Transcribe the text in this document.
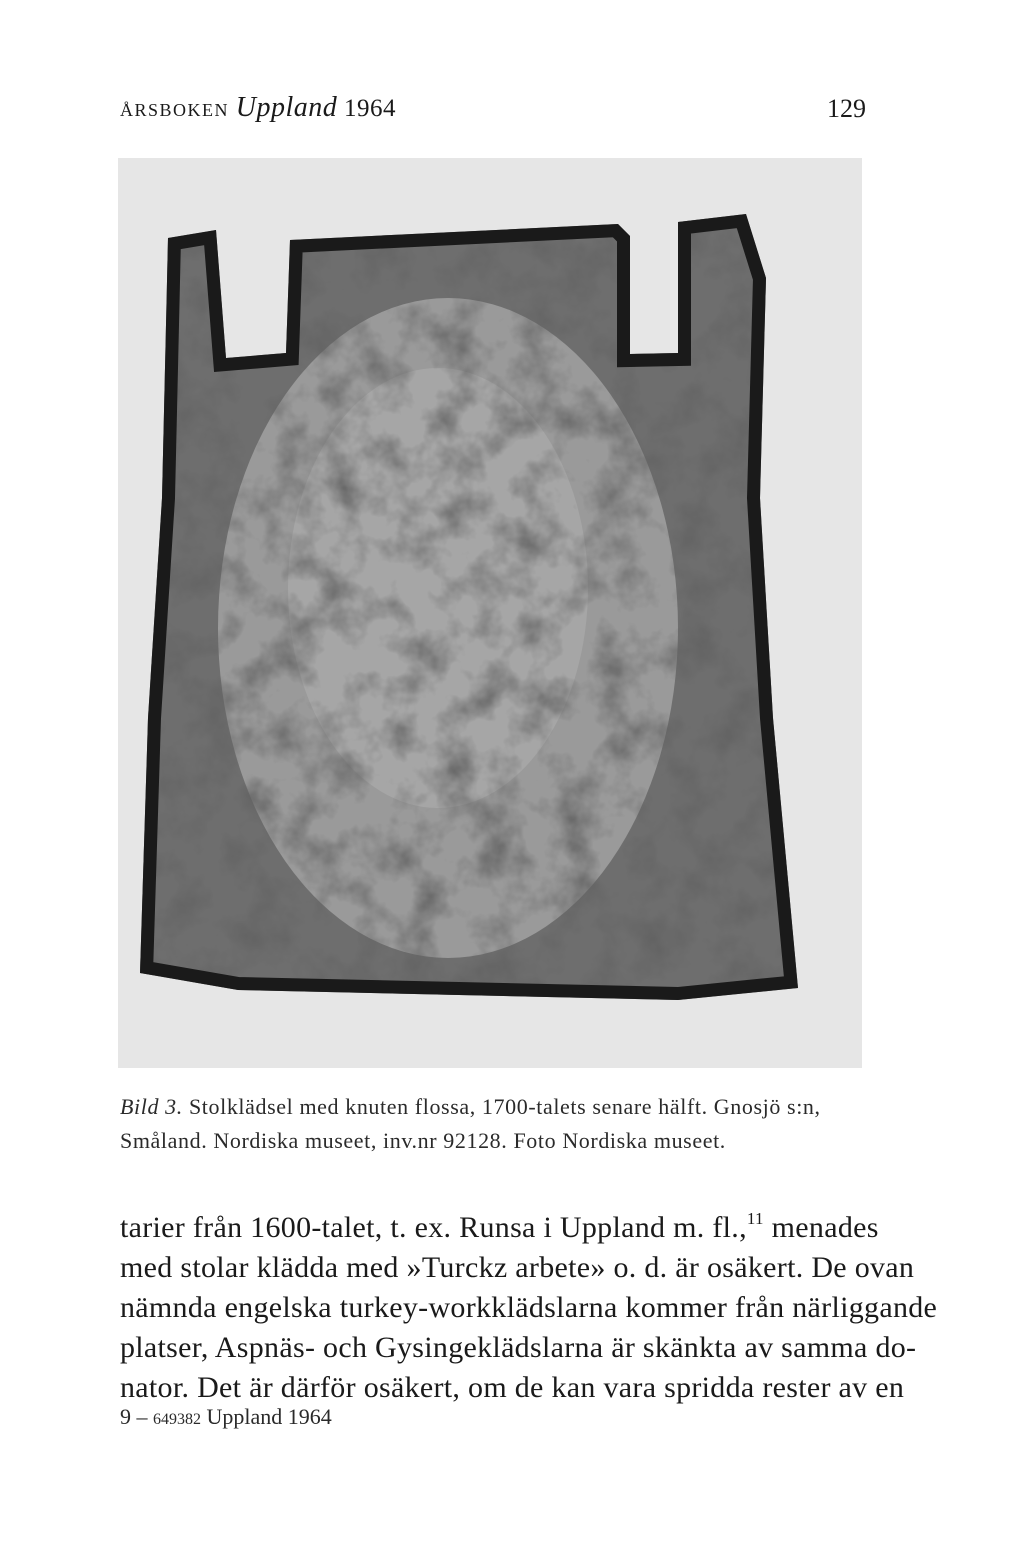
ÅRSBOKEN Uppland 1964	129
Bild 3. Stolklädsel med knuten flossa, 1700-talets senare hälft. Gnosjö s:n,
Småland. Nordiska museet, inv.nr 92128. Foto Nordiska museet.
tarier från 1600-talet, t. ex. Runsa i Uppland m. fl.,$^{11}$ menades
med stolar klädda med »Turckz arbete» o. d. är osäkert. De ovan
nämnda engelska turkey-workklädslarna kommer från närliggande
platser, Aspnäs- och Gysingeklädslarna är skänkta av samma do-
nator. Det är därför osäkert, om de kan vara spridda rester av en
9 – 649382 Uppland 1964
